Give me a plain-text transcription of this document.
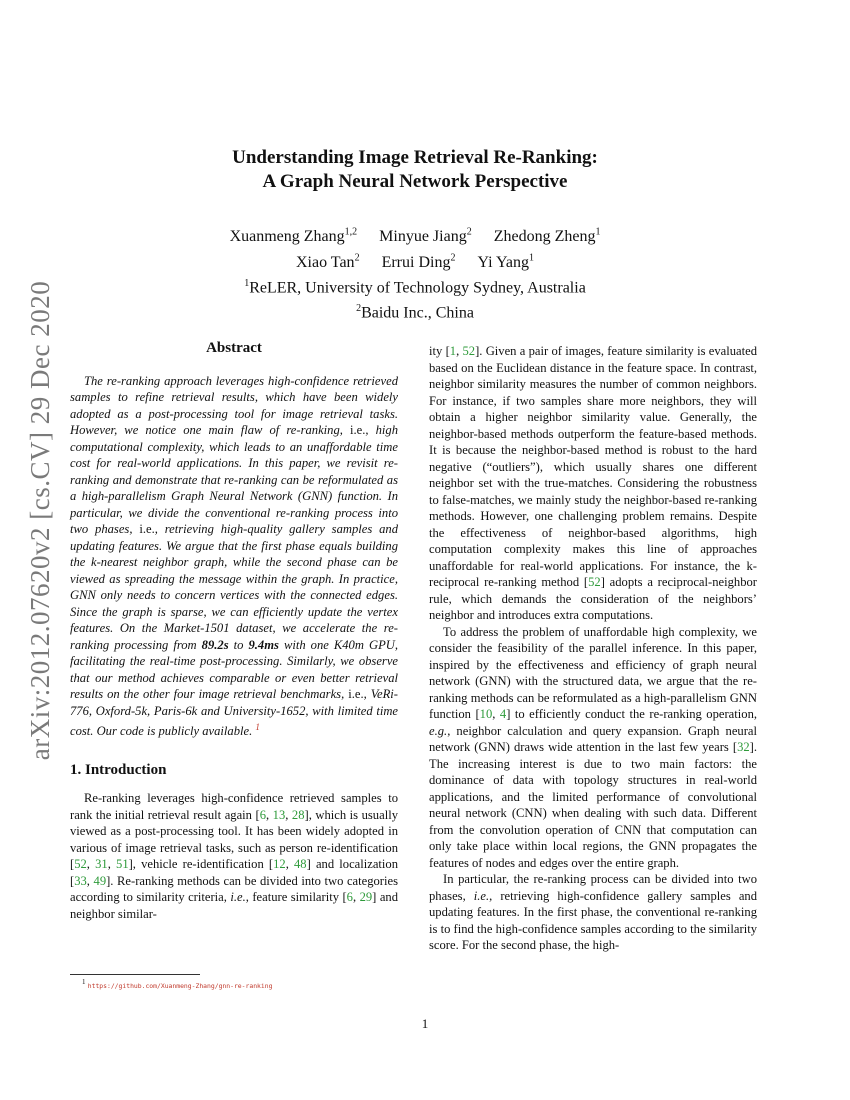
arXiv:2012.07620v2 [cs.CV] 29 Dec 2020

Understanding Image Retrieval Re-Ranking:

A Graph Neural Network Perspective

Xuanmeng Zhang$^{1,2}$ Minyue Jiang$^2$ Zhedong Zheng$^1$
Xiao Tan$^2$ Errui Ding$^2$ Yi Yang$^1$
$^1$ReLER, University of Technology Sydney, Australia
$^2$Baidu Inc., China
Abstract

The re-ranking approach leverages high-confidence retrieved samples to refine retrieval results, which have been widely adopted as a post-processing tool for image retrieval tasks. However, we notice one main flaw of re-ranking, i.e., high computational complexity, which leads to an unaffordable time cost for real-world applications. In this paper, we revisit re-ranking and demonstrate that re-ranking can be reformulated as a high-parallelism Graph Neural Network (GNN) function. In particular, we divide the conventional re-ranking process into two phases, i.e., retrieving high-quality gallery samples and updating features. We argue that the first phase equals building the k-nearest neighbor graph, while the second phase can be viewed as spreading the message within the graph. In practice, GNN only needs to concern vertices with the connected edges. Since the graph is sparse, we can efficiently update the vertex features. On the Market-1501 dataset, we accelerate the re-ranking processing from 89.2s to 9.4ms with one K40m GPU, facilitating the real-time post-processing. Similarly, we observe that our method achieves comparable or even better retrieval results on the other four image retrieval benchmarks, i.e., VeRi-776, Oxford-5k, Paris-6k and University-1652, with limited time cost. Our code is publicly available. $^1$

1. Introduction

Re-ranking leverages high-confidence retrieved samples to rank the initial retrieval result again [6, 13, 28], which is usually viewed as a post-processing tool. It has been widely adopted in various of image retrieval tasks, such as person re-identification [52, 31, 51], vehicle re-identification [12, 48] and localization [33, 49]. Re-ranking methods can be divided into two categories according to similarity criteria, i.e., feature similarity [6, 29] and neighbor similar-

ity [1, 52]. Given a pair of images, feature similarity is evaluated based on the Euclidean distance in the feature space. In contrast, neighbor similarity measures the number of common neighbors. For instance, if two samples share more neighbors, they will obtain a higher neighbor similarity value. Generally, the neighbor-based methods outperform the feature-based methods. It is because the neighbor-based method is robust to the hard negative (“outliers”), which usually shares one different neighbor set with the true-matches. Considering the robustness to false-matches, we mainly study the neighbor-based re-ranking methods. However, one challenging problem remains. Despite the effectiveness of neighbor-based algorithms, high computation complexity makes this line of approaches unaffordable for real-world applications. For instance, the k-reciprocal re-ranking method [52] adopts a reciprocal-neighbor rule, which demands the consideration of the neighbors’ neighbor and introduces extra computations.

To address the problem of unaffordable high complexity, we consider the feasibility of the parallel inference. In this paper, inspired by the effectiveness and efficiency of graph neural network (GNN) with the structured data, we argue that the re-ranking methods can be reformulated as a high-parallelism GNN function [10, 4] to efficiently conduct the re-ranking operation, e.g., neighbor calculation and query expansion. Graph neural network (GNN) draws wide attention in the last few years [32]. The increasing interest is due to two main factors: the dominance of data with topology structures in real-world applications, and the limited performance of convolutional neural network (CNN) when dealing with such data. Different from the convolution operation of CNN that computation can only take place within local regions, the GNN propagates the features of nodes and edges over the entire graph.

In particular, the re-ranking process can be divided into two phases, i.e., retrieving high-confidence gallery samples and updating features. In the first phase, the conventional re-ranking is to find the high-confidence samples according to the similarity score. For the second phase, the high-

$^1$ https://github.com/Xuanmeng-Zhang/gnn-re-ranking
1
